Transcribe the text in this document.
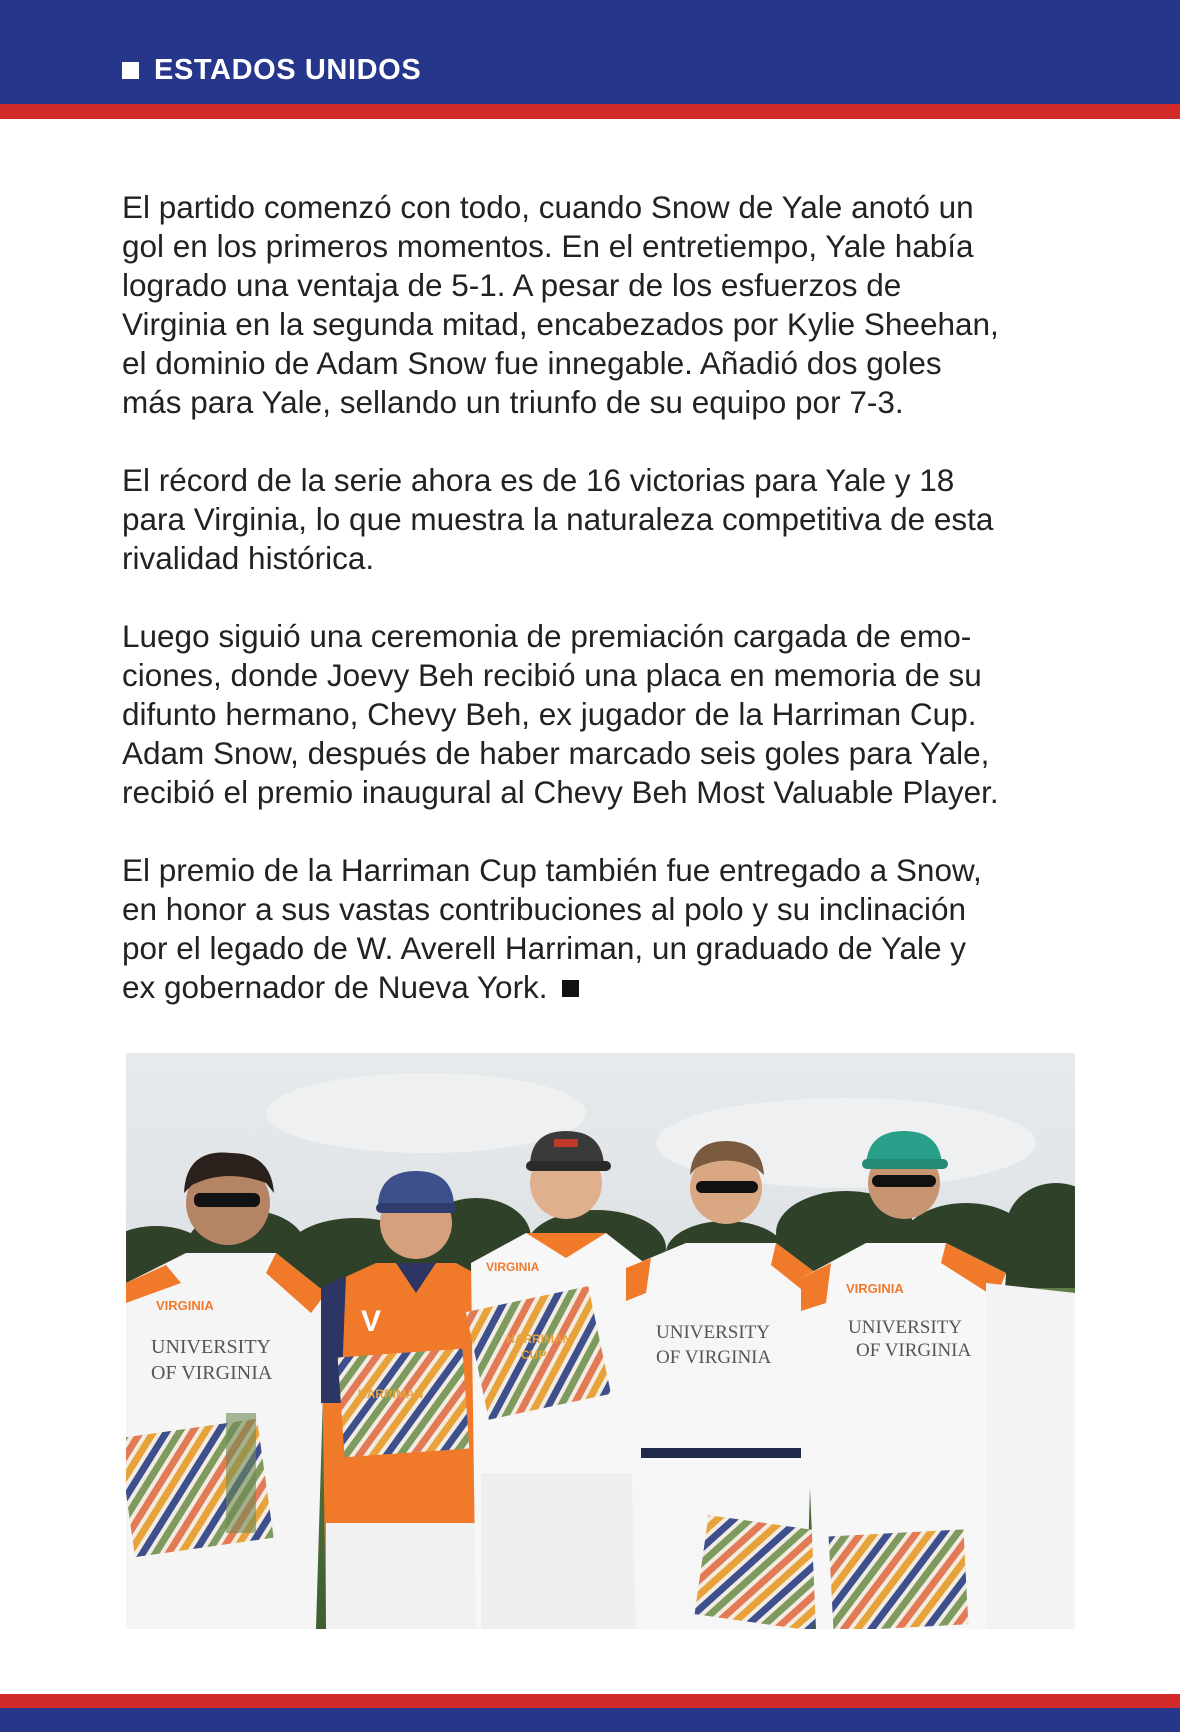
ESTADOS UNIDOS

El partido comenzó con todo, cuando Snow de Yale anotó un
gol en los primeros momentos. En el entretiempo, Yale había
logrado una ventaja de 5-1. A pesar de los esfuerzos de
Virginia en la segunda mitad, encabezados por Kylie Sheehan,
el dominio de Adam Snow fue innegable. Añadió dos goles
más para Yale, sellando un triunfo de su equipo por 7-3.

El récord de la serie ahora es de 16 victorias para Yale y 18
para Virginia, lo que muestra la naturaleza competitiva de esta
rivalidad histórica.

Luego siguió una ceremonia de premiación cargada de emo-
ciones, donde Joevy Beh recibió una placa en memoria de su
difunto hermano, Chevy Beh, ex jugador de la Harriman Cup.
Adam Snow, después de haber marcado seis goles para Yale,
recibió el premio inaugural al Chevy Beh Most Valuable Player.

El premio de la Harriman Cup también fue entregado a Snow,
en honor a sus vastas contribuciones al polo y su inclinación
por el legado de W. Averell Harriman, un graduado de Yale y
ex gobernador de Nueva York.

VIRGINIA
UNIVERSITY
OF VIRGINIA
V
HARRIMAN
VIRGINIA
HARRIMAN
CUP
UNIVERSITY
OF VIRGINIA
VIRGINIA
UNIVERSITY
OF VIRGINIA
